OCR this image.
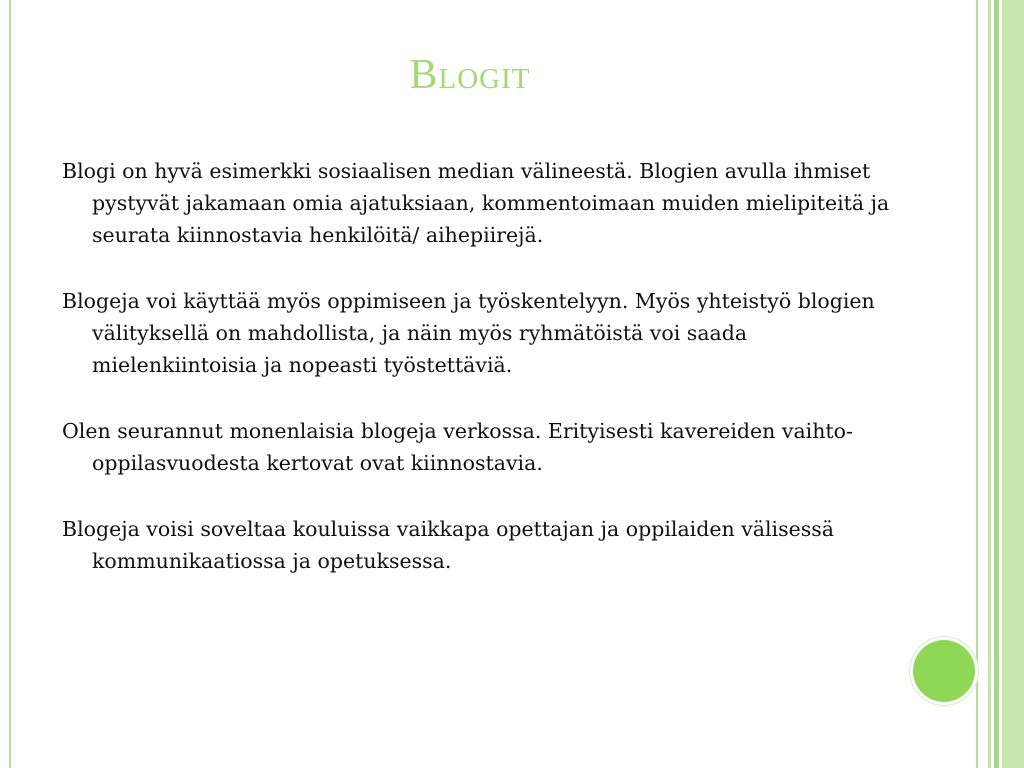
Blogit

Blogi on hyvä esimerkki sosiaalisen median välineestä. Blogien avulla ihmiset pystyvät jakamaan omia ajatuksiaan, kommentoimaan muiden mielipiteitä ja seurata kiinnostavia henkilöitä/ aihepiirejä.

Blogeja voi käyttää myös oppimiseen ja työskentelyyn. Myös yhteistyö blogien välityksellä on mahdollista, ja näin myös ryhmätöistä voi saada mielenkiintoisia ja nopeasti työstettäviä.

Olen seurannut monenlaisia blogeja verkossa. Erityisesti kavereiden vaihto-oppilasvuodesta kertovat ovat kiinnostavia.

Blogeja voisi soveltaa kouluissa vaikkapa opettajan ja oppilaiden välisessä kommunikaatiossa ja opetuksessa.
